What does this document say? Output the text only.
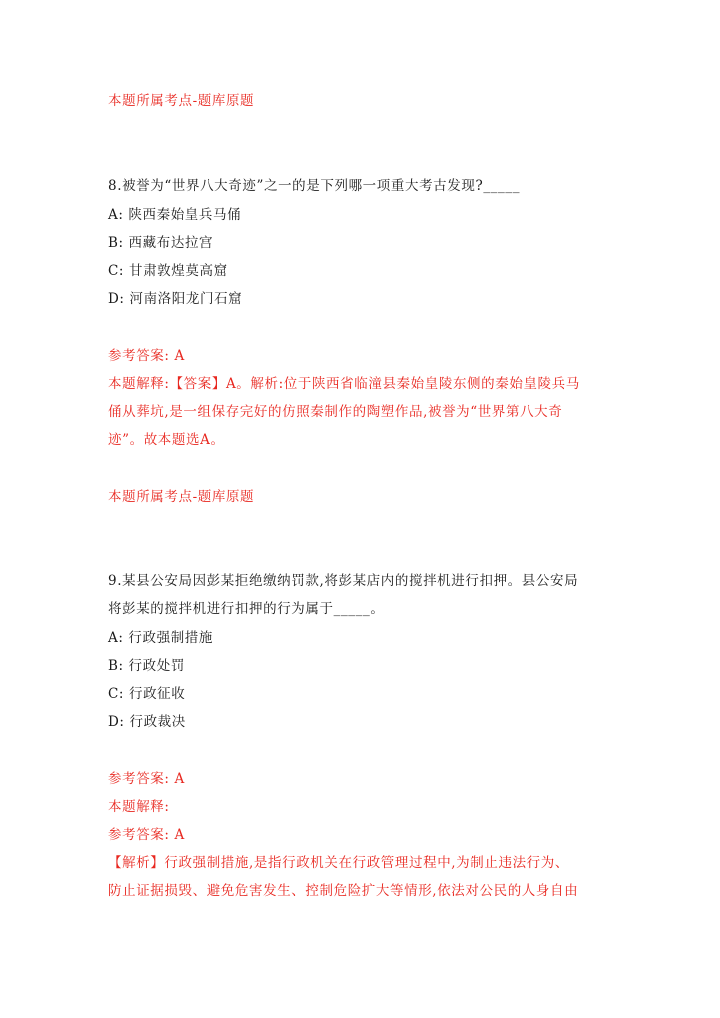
本题所属考点-题库原题
8.被誉为“世界八大奇迹”之一的是下列哪一项重大考古发现?_____
A: 陕西秦始皇兵马俑
B: 西藏布达拉宫
C: 甘肃敦煌莫高窟
D: 河南洛阳龙门石窟
参考答案: A
本题解释:【答案】A。解析:位于陕西省临潼县秦始皇陵东侧的秦始皇陵兵马
俑从葬坑,是一组保存完好的仿照秦制作的陶塑作品,被誉为“世界第八大奇
迹”。故本题选A。
本题所属考点-题库原题
9.某县公安局因彭某拒绝缴纳罚款,将彭某店内的搅拌机进行扣押。县公安局
将彭某的搅拌机进行扣押的行为属于_____。
A: 行政强制措施
B: 行政处罚
C: 行政征收
D: 行政裁决
参考答案: A
本题解释:
参考答案: A
【解析】行政强制措施,是指行政机关在行政管理过程中,为制止违法行为、
防止证据损毁、避免危害发生、控制危险扩大等情形,依法对公民的人身自由
